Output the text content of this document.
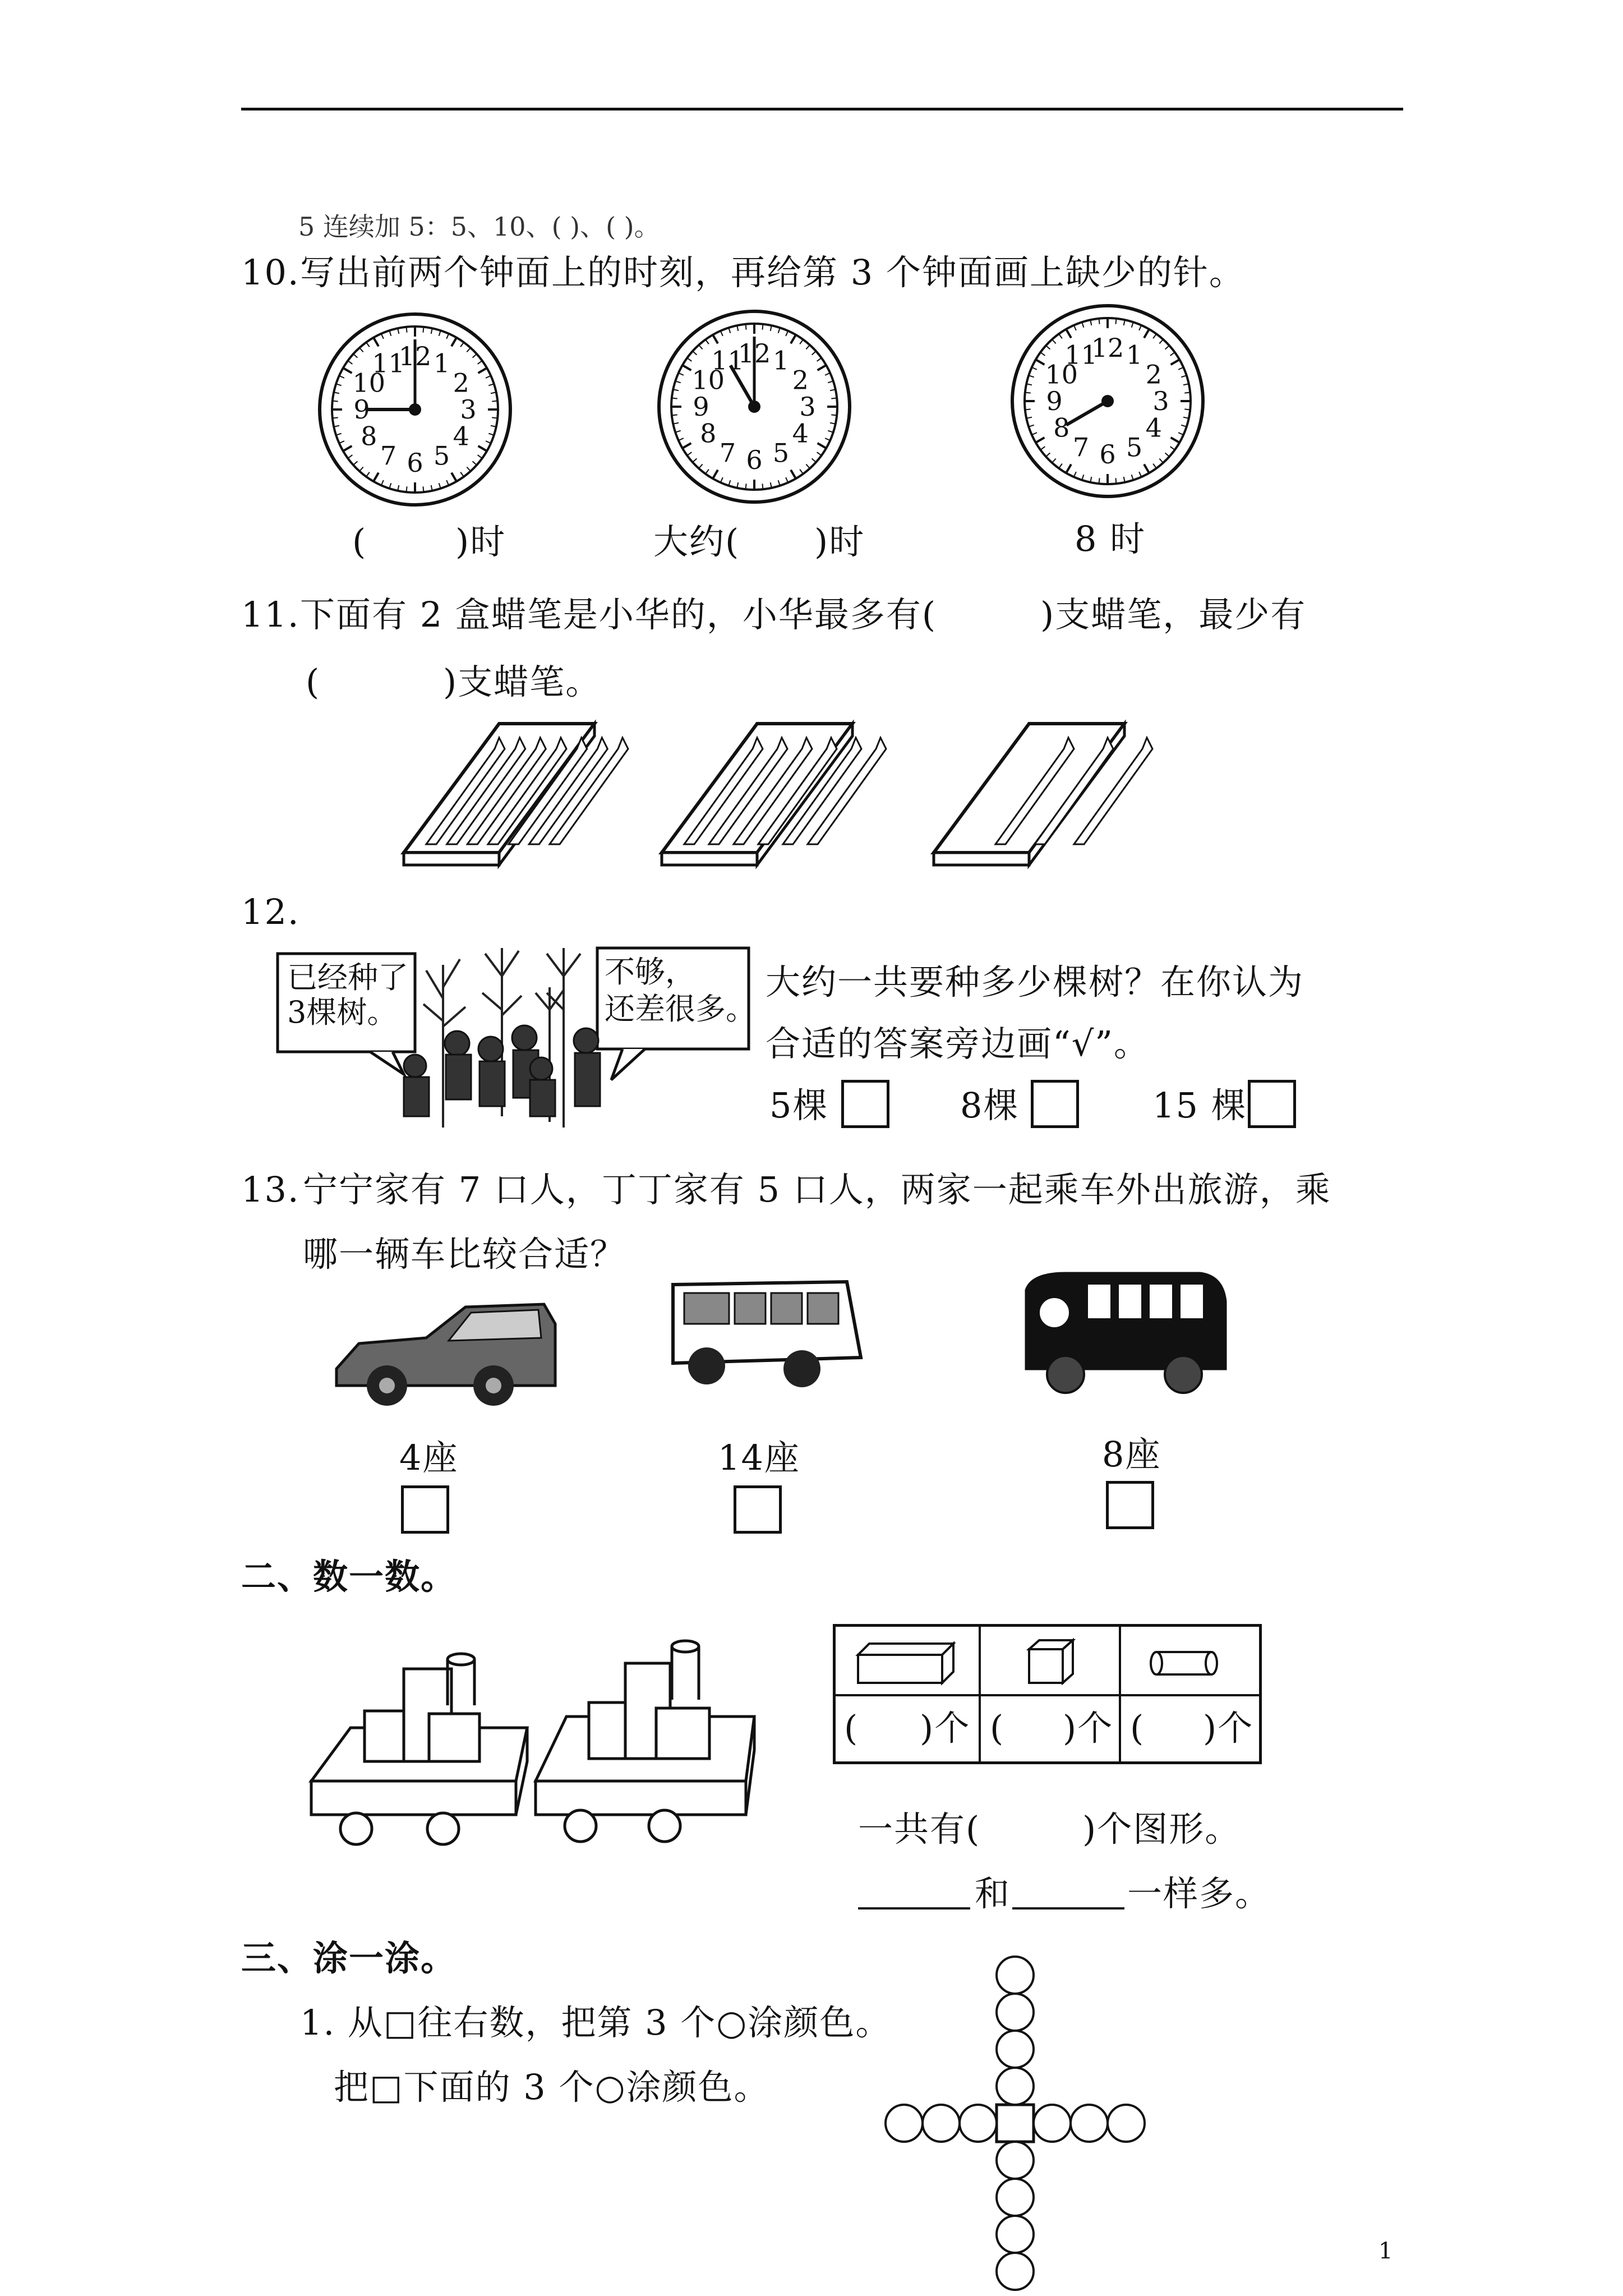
5 连续加 5：5、10、( )、( )。
10. 写出前两个钟面上的时刻，再给第 3 个钟面画上缺少的针。
12 1
2
3
4
5
6
7
8
9
10
11	12 1
2
3
4
5
6
7
8
9
10
11	12 1
2
3
4
5
6
7
8
9
10
11
(	)时	大约( )时	8 时
11. 下面有 2 盒蜡笔是小华的，小华最多有(	)支蜡笔，最少有
(	)支蜡笔。
12.
已经种了
3棵树。
不够，
还差很多。
大约一共要种多少棵树？在你认为
合适的答案旁边画“√”。
5棵	8棵	15 棵
13. 宁宁家有 7 口人，丁丁家有 5 口人，两家一起乘车外出旅游，乘
哪一辆车比较合适？
4座	14座	8座
二、数一数。
( )个 ( )个 ( )个
一共有(	)个图形。
和	一样多。
三、涂一涂。
1. 从□往右数，把第 3 个○涂颜色。
把□下面的 3 个○涂颜色。
1
